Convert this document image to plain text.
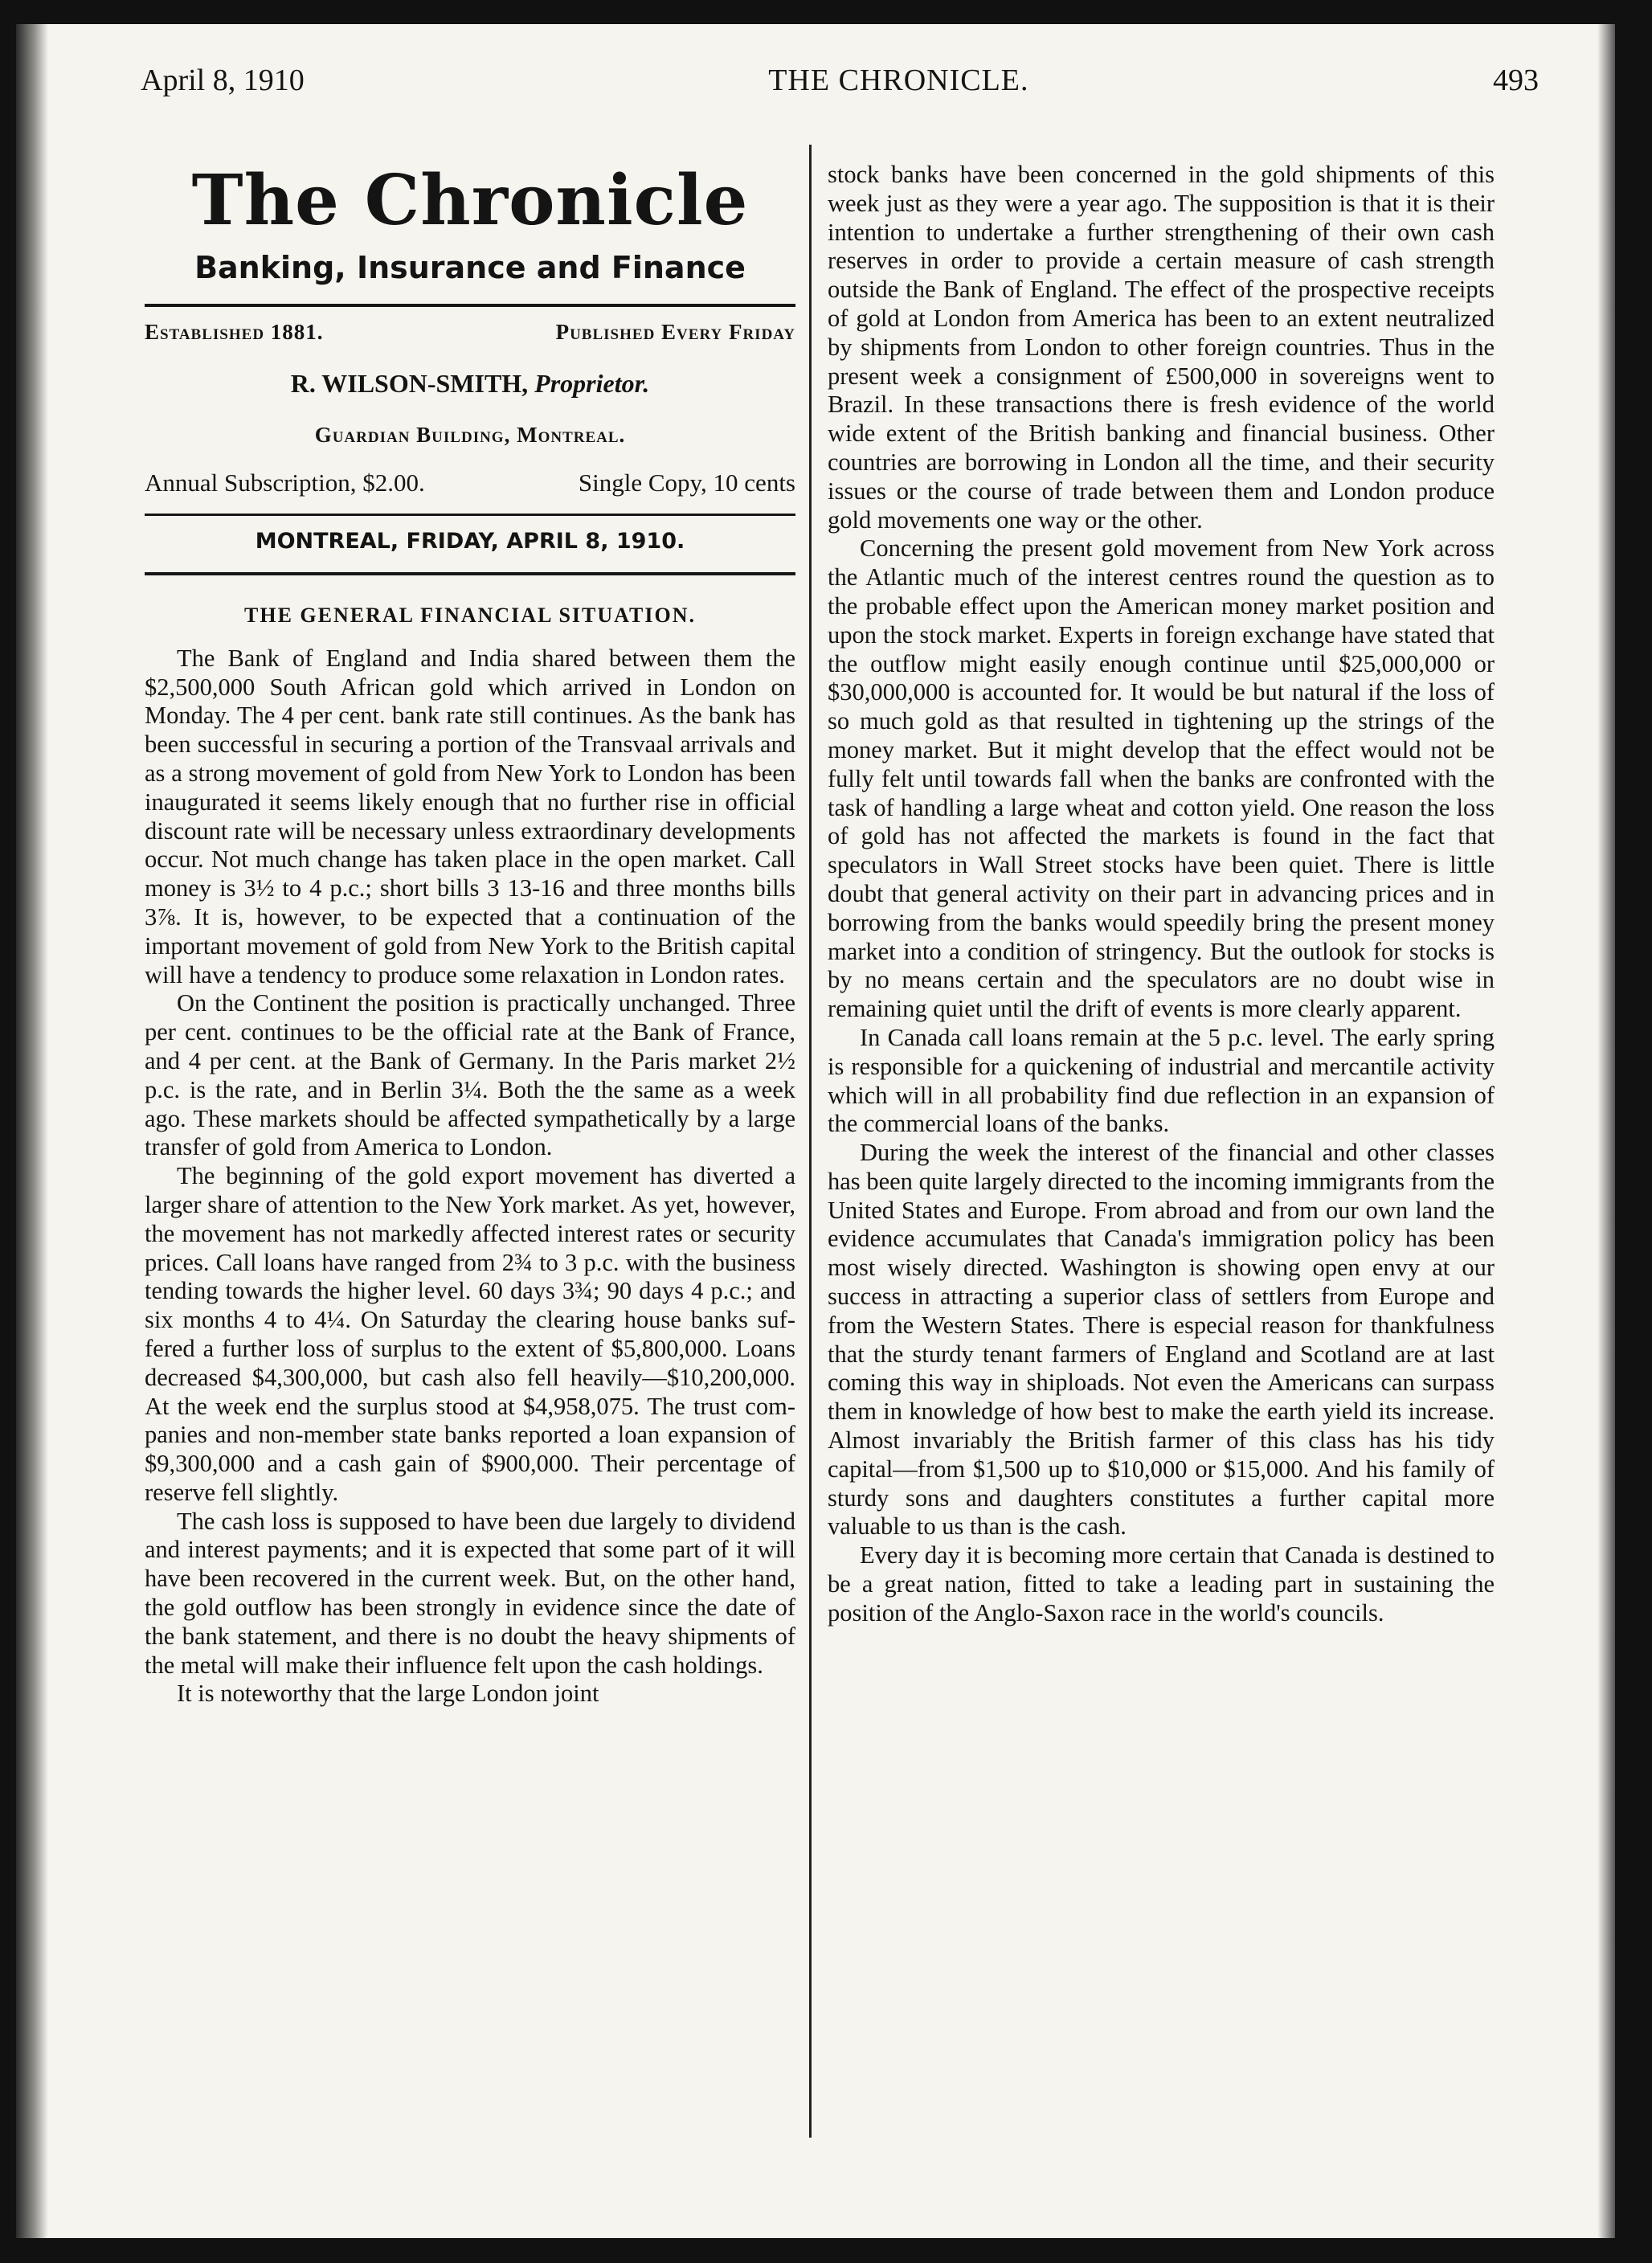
April 8, 1910	THE CHRONICLE.	493
The Chronicle
Banking, Insurance and Finance
Established 1881.	Published Every Friday
R. WILSON-SMITH, Proprietor.
Guardian Building, Montreal.
Annual Subscription, $2.00.	Single Copy, 10 cents
MONTREAL, FRIDAY, APRIL 8, 1910.
THE GENERAL FINANCIAL SITUATION.

The Bank of England and India shared between them the $2,500,000 South African gold which arrived in London on Monday. The 4 per cent. bank rate still continues. As the bank has been successful in securing a portion of the Transvaal arrivals and as a strong movement of gold from New York to London has been inaugurated it seems likely enough that no further rise in official discount rate will be necessary unless extraordinary developments occur. Not much change has taken place in the open market. Call money is 3½ to 4 p.c.; short bills 3 13-16 and three months bills 3⅞. It is, however, to be expected that a continuation of the important movement of gold from New York to the British capital will have a tendency to produce some relaxation in London rates.

On the Continent the position is practically unchanged. Three per cent. continues to be the official rate at the Bank of France, and 4 per cent. at the Bank of Germany. In the Paris market 2½ p.c. is the rate, and in Berlin 3¼. Both the the same as a week ago. These markets should be affected sympathetically by a large transfer of gold from America to London.

The beginning of the gold export movement has diverted a larger share of attention to the New York market. As yet, however, the movement has not markedly affected interest rates or security prices. Call loans have ranged from 2¾ to 3 p.c. with the business tending towards the higher level. 60 days 3¾; 90 days 4 p.c.; and six months 4 to 4¼. On Saturday the clearing house banks suffered a further loss of surplus to the extent of $5,800,000. Loans decreased $4,300,000, but cash also fell heavily—$10,200,000. At the week end the surplus stood at $4,958,075. The trust companies and non-member state banks reported a loan expansion of $9,300,000 and a cash gain of $900,000. Their percentage of reserve fell slightly.

The cash loss is supposed to have been due largely to dividend and interest payments; and it is expected that some part of it will have been recovered in the current week. But, on the other hand, the gold outflow has been strongly in evidence since the date of the bank statement, and there is no doubt the heavy shipments of the metal will make their influence felt upon the cash holdings.

It is noteworthy that the large London joint

stock banks have been concerned in the gold shipments of this week just as they were a year ago. The supposition is that it is their intention to undertake a further strengthening of their own cash reserves in order to provide a certain measure of cash strength outside the Bank of England. The effect of the prospective receipts of gold at London from America has been to an extent neutralized by shipments from London to other foreign countries. Thus in the present week a consignment of £500,000 in sovereigns went to Brazil. In these transactions there is fresh evidence of the world wide extent of the British banking and financial business. Other countries are borrowing in London all the time, and their security issues or the course of trade between them and London produce gold movements one way or the other.

Concerning the present gold movement from New York across the Atlantic much of the interest centres round the question as to the probable effect upon the American money market position and upon the stock market. Experts in foreign exchange have stated that the outflow might easily enough continue until $25,000,000 or $30,000,000 is accounted for. It would be but natural if the loss of so much gold as that resulted in tightening up the strings of the money market. But it might develop that the effect would not be fully felt until towards fall when the banks are confronted with the task of handling a large wheat and cotton yield. One reason the loss of gold has not affected the markets is found in the fact that speculators in Wall Street stocks have been quiet. There is little doubt that general activity on their part in advancing prices and in borrowing from the banks would speedily bring the present money market into a condition of stringency. But the outlook for stocks is by no means certain and the speculators are no doubt wise in remaining quiet until the drift of events is more clearly apparent.

In Canada call loans remain at the 5 p.c. level. The early spring is responsible for a quickening of industrial and mercantile activity which will in all probability find due reflection in an expansion of the commercial loans of the banks.

During the week the interest of the financial and other classes has been quite largely directed to the incoming immigrants from the United States and Europe. From abroad and from our own land the evidence accumulates that Canada's immigration policy has been most wisely directed. Washington is showing open envy at our success in attracting a superior class of settlers from Europe and from the Western States. There is especial reason for thankfulness that the sturdy tenant farmers of England and Scotland are at last coming this way in shiploads. Not even the Americans can surpass them in knowledge of how best to make the earth yield its increase. Almost invariably the British farmer of this class has his tidy capital—from $1,500 up to $10,000 or $15,000. And his family of sturdy sons and daughters constitutes a further capital more valuable to us than is the cash.

Every day it is becoming more certain that Canada is destined to be a great nation, fitted to take a leading part in sustaining the position of the Anglo-Saxon race in the world's councils.
